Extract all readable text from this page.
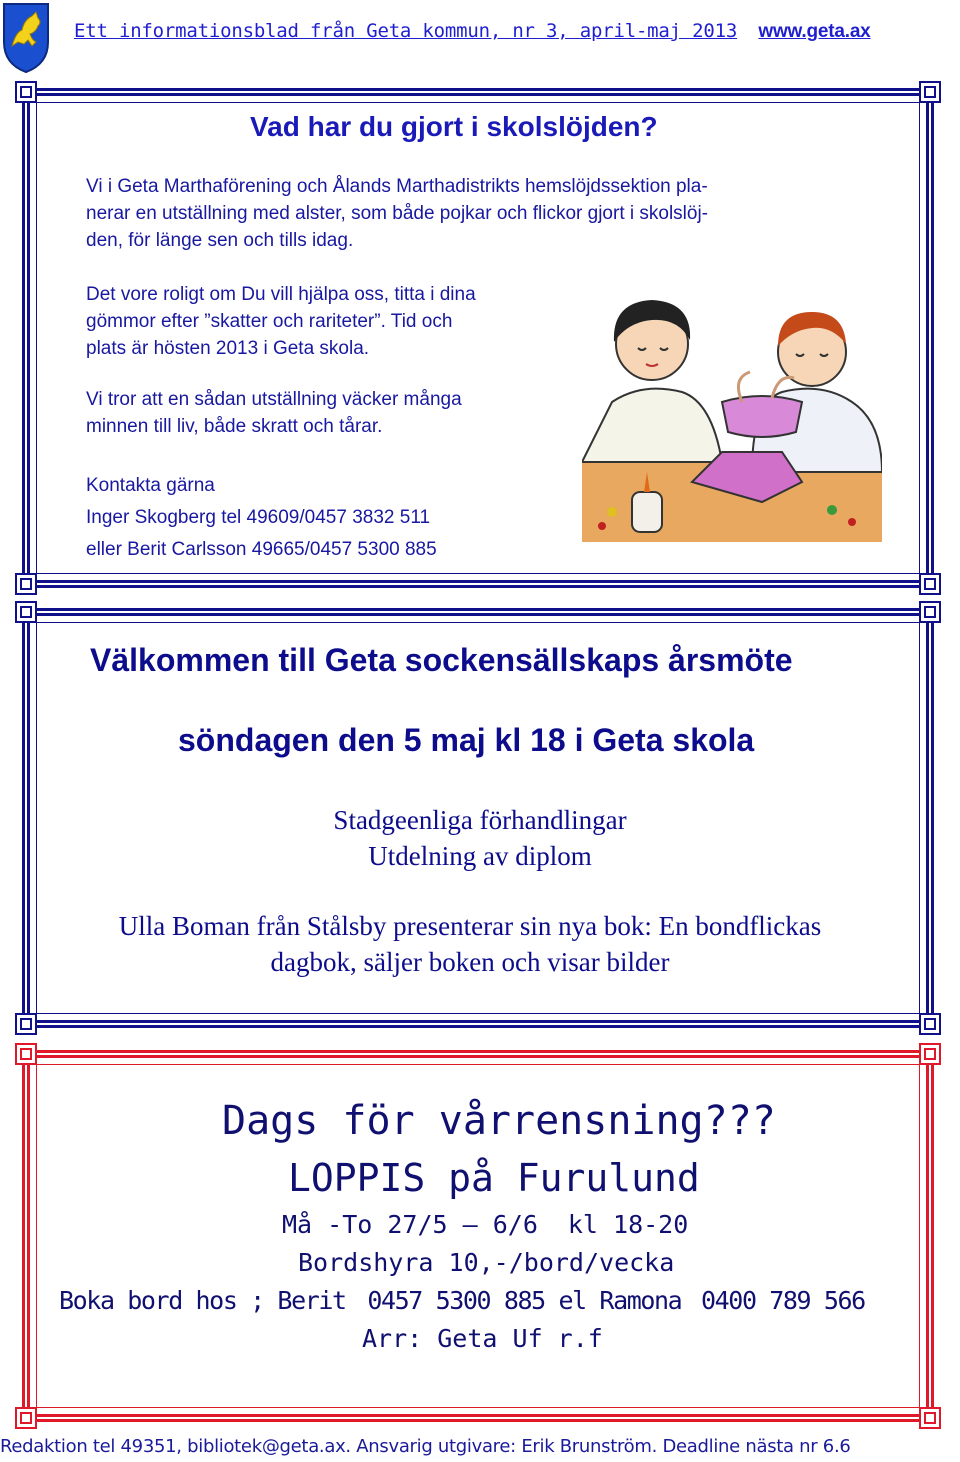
Ett informationsblad från Geta kommun, nr 3, april-maj 2013 www.geta.ax
Vad har du gjort i skolslöjden?
Vi i Geta Marthaförening och Ålands Marthadistrikts hemslöjdssektion pla-
nerar en utställning med alster, som både pojkar och flickor gjort i skolslöj-
den, för länge sen och tills idag.
Det vore roligt om Du vill hjälpa oss, titta i dina
gömmor efter ”skatter och rariteter”. Tid och
plats är hösten 2013 i Geta skola.
Vi tror att en sådan utställning väcker många
minnen till liv, både skratt och tårar.
Kontakta gärna
Inger Skogberg tel 49609/0457 3832 511
eller Berit Carlsson 49665/0457 5300 885
Välkommen till Geta sockensällskaps årsmöte
söndagen den 5 maj kl 18 i Geta skola
Stadgeenliga förhandlingar
Utdelning av diplom
Ulla Boman från Stålsby presenterar sin nya bok: En bondflickas
dagbok, säljer boken och visar bilder
Dags för vårrensning???
LOPPIS på Furulund
Må -To 27/5 – 6/6 kl 18-20
Bordshyra 10,-/bord/vecka
Boka bord hos ; Berit 0457 5300 885 el Ramona 0400 789 566
Arr: Geta Uf r.f
Redaktion tel 49351, bibliotek@geta.ax. Ansvarig utgivare: Erik Brunström. Deadline nästa nr 6.6
